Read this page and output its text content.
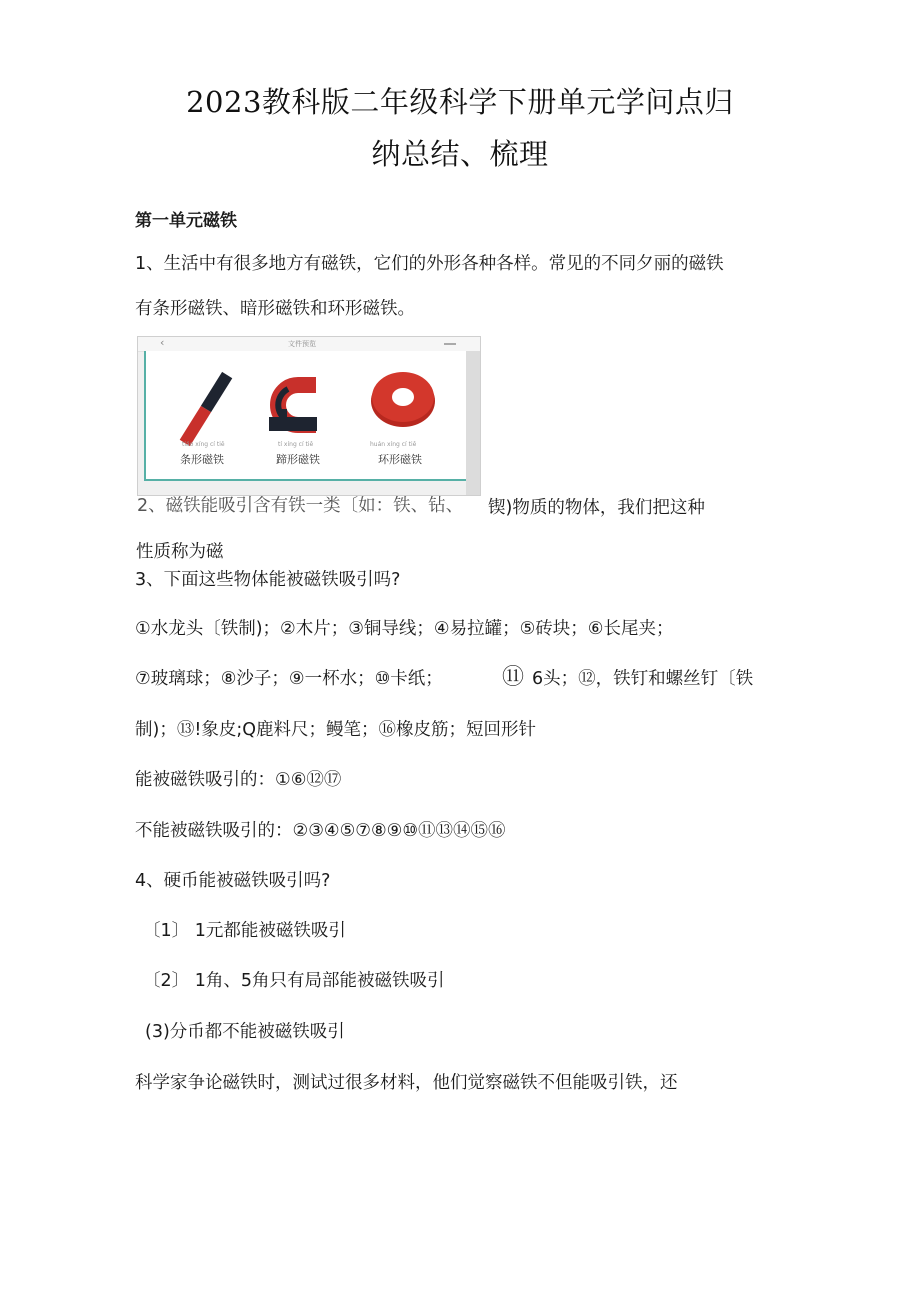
2023教科版二年级科学下册单元学问点归
纳总结、梳理
第一单元磁铁
1、生活中有很多地方有磁铁，它们的外形各种各样。常见的不同夕丽的磁铁
有条形磁铁、暗形磁铁和环形磁铁。
‹	文件预览
tiáo xíng cí tiě
条形磁铁
tí xíng cí tiě
蹄形磁铁
huán xíng cí tiě
环形磁铁
2、磁铁能吸引含有铁一类〔如：铁、钻、 锲)物质的物体，我们把这种
性质称为磁
3、下面这些物体能被磁铁吸引吗?
①水龙头〔铁制)；②木片；③铜导线；④易拉罐；⑤砖块；⑥长尾夹；
⑦玻璃球；⑧沙子；⑨一杯水；⑩卡纸；	⑪ 6头；⑫，铁钉和螺丝钉〔铁
制)；⑬!象皮;Q鹿料尺；鳗笔；⑯橡皮筋；短回形针
能被磁铁吸引的：①⑥⑫⑰
不能被磁铁吸引的：②③④⑤⑦⑧⑨⑩⑪⑬⑭⑮⑯
4、硬币能被磁铁吸引吗?
〔1〕 1元都能被磁铁吸引
〔2〕 1角、5角只有局部能被磁铁吸引
(3)分币都不能被磁铁吸引
科学家争论磁铁时，测试过很多材料，他们觉察磁铁不但能吸引铁，还
